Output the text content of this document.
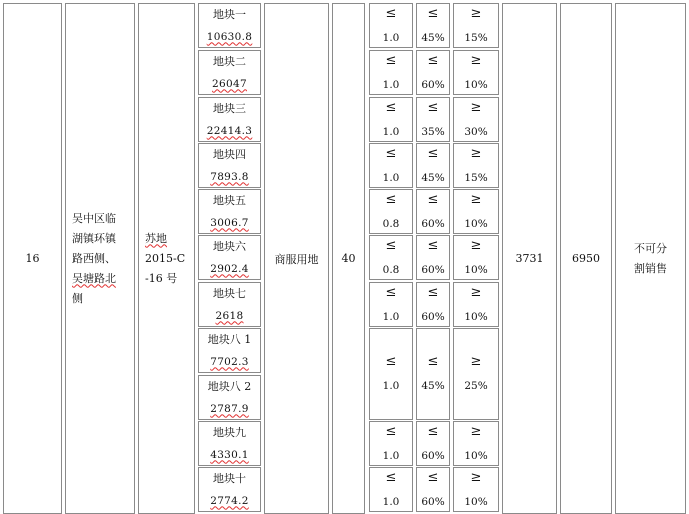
16
吴中区临
湖镇环镇
路西侧、
吴塘路北
侧
苏地
2015-C
-16 号
地块一
10630.8
地块二
26047
地块三
22414.3
地块四
7893.8
地块五
3006.7
地块六
2902.4
地块七
2618
地块八 1
7702.3
地块八 2
2787.9
地块九
4330.1
地块十
2774.2
商服用地 40
≤
1.0
≤
45%
≥
15%
≤
1.0
≤
60%
≥
10%
≤
1.0
≤
35%
≥
30%
≤
1.0
≤
45%
≥
15%
≤
0.8
≤
60%
≥
10%
≤
0.8
≤
60%
≥
10%
≤
1.0
≤
60%
≥
10%
≤
1.0
≤
45%
≥
25%
≤
1.0
≤
60%
≥
10%
≤
1.0
≤
60%
≥
10%
3731	6950
不可分
割销售
